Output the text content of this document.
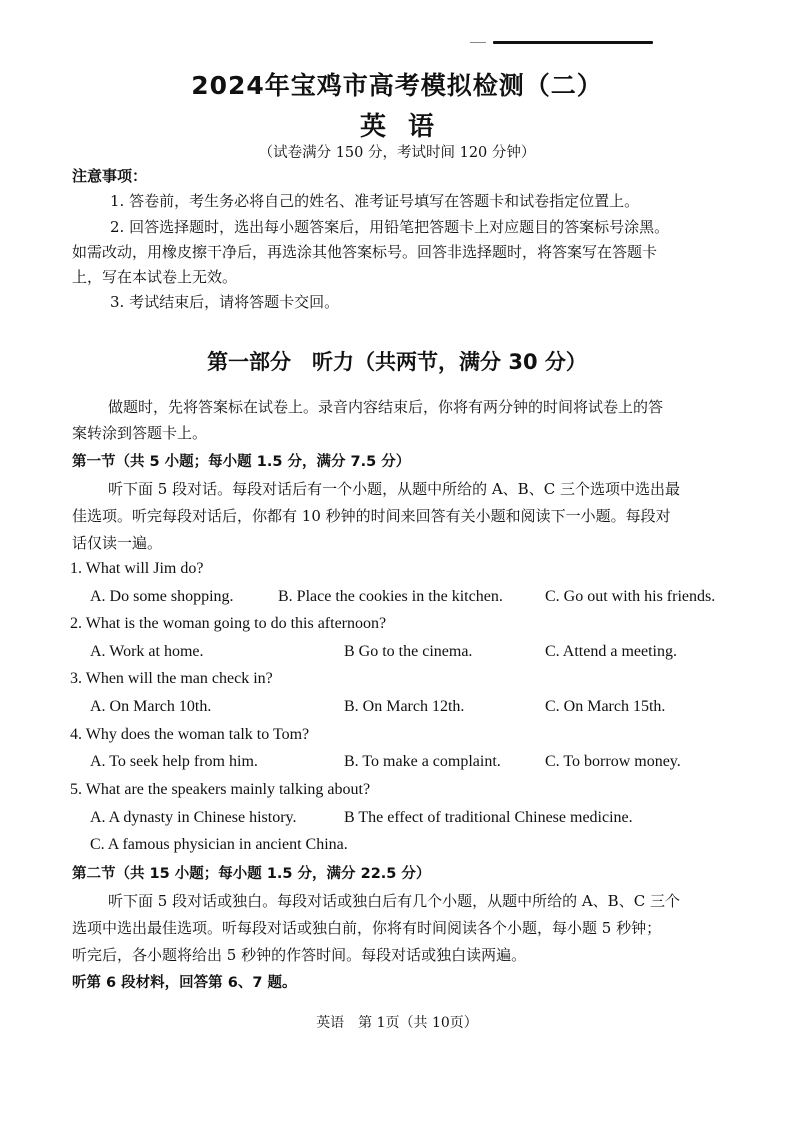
2024年宝鸡市高考模拟检测（二）
英语
（试卷满分 150 分，考试时间 120 分钟）
注意事项：
1. 答卷前，考生务必将自己的姓名、准考证号填写在答题卡和试卷指定位置上。
2. 回答选择题时，选出每小题答案后，用铅笔把答题卡上对应题目的答案标号涂黑。
如需改动，用橡皮擦干净后，再选涂其他答案标号。回答非选择题时，将答案写在答题卡
上，写在本试卷上无效。
3. 考试结束后，请将答题卡交回。
第一部分　听力（共两节，满分 30 分）
做题时，先将答案标在试卷上。录音内容结束后，你将有两分钟的时间将试卷上的答
案转涂到答题卡上。
第一节（共 5 小题；每小题 1.5 分，满分 7.5 分）
听下面 5 段对话。每段对话后有一个小题，从题中所给的 A、B、C 三个选项中选出最
佳选项。听完每段对话后，你都有 10 秒钟的时间来回答有关小题和阅读下一小题。每段对
话仅读一遍。
1. What will Jim do?
A. Do some shopping.	B. Place the cookies in the kitchen.	C. Go out with his friends.
2. What is the woman going to do this afternoon?
A. Work at home.	B Go to the cinema.	C. Attend a meeting.
3. When will the man check in?
A. On March 10th.	B. On March 12th.	C. On March 15th.
4. Why does the woman talk to Tom?
A. To seek help from him.	B. To make a complaint.	C. To borrow money.
5. What are the speakers mainly talking about?
A. A dynasty in Chinese history.	B The effect of traditional Chinese medicine.
C. A famous physician in ancient China.
第二节（共 15 小题；每小题 1.5 分，满分 22.5 分）
听下面 5 段对话或独白。每段对话或独白后有几个小题，从题中所给的 A、B、C 三个
选项中选出最佳选项。听每段对话或独白前，你将有时间阅读各个小题，每小题 5 秒钟；
听完后，各小题将给出 5 秒钟的作答时间。每段对话或独白读两遍。
听第 6 段材料，回答第 6、7 题。
英语　第 1页（共 10页）
